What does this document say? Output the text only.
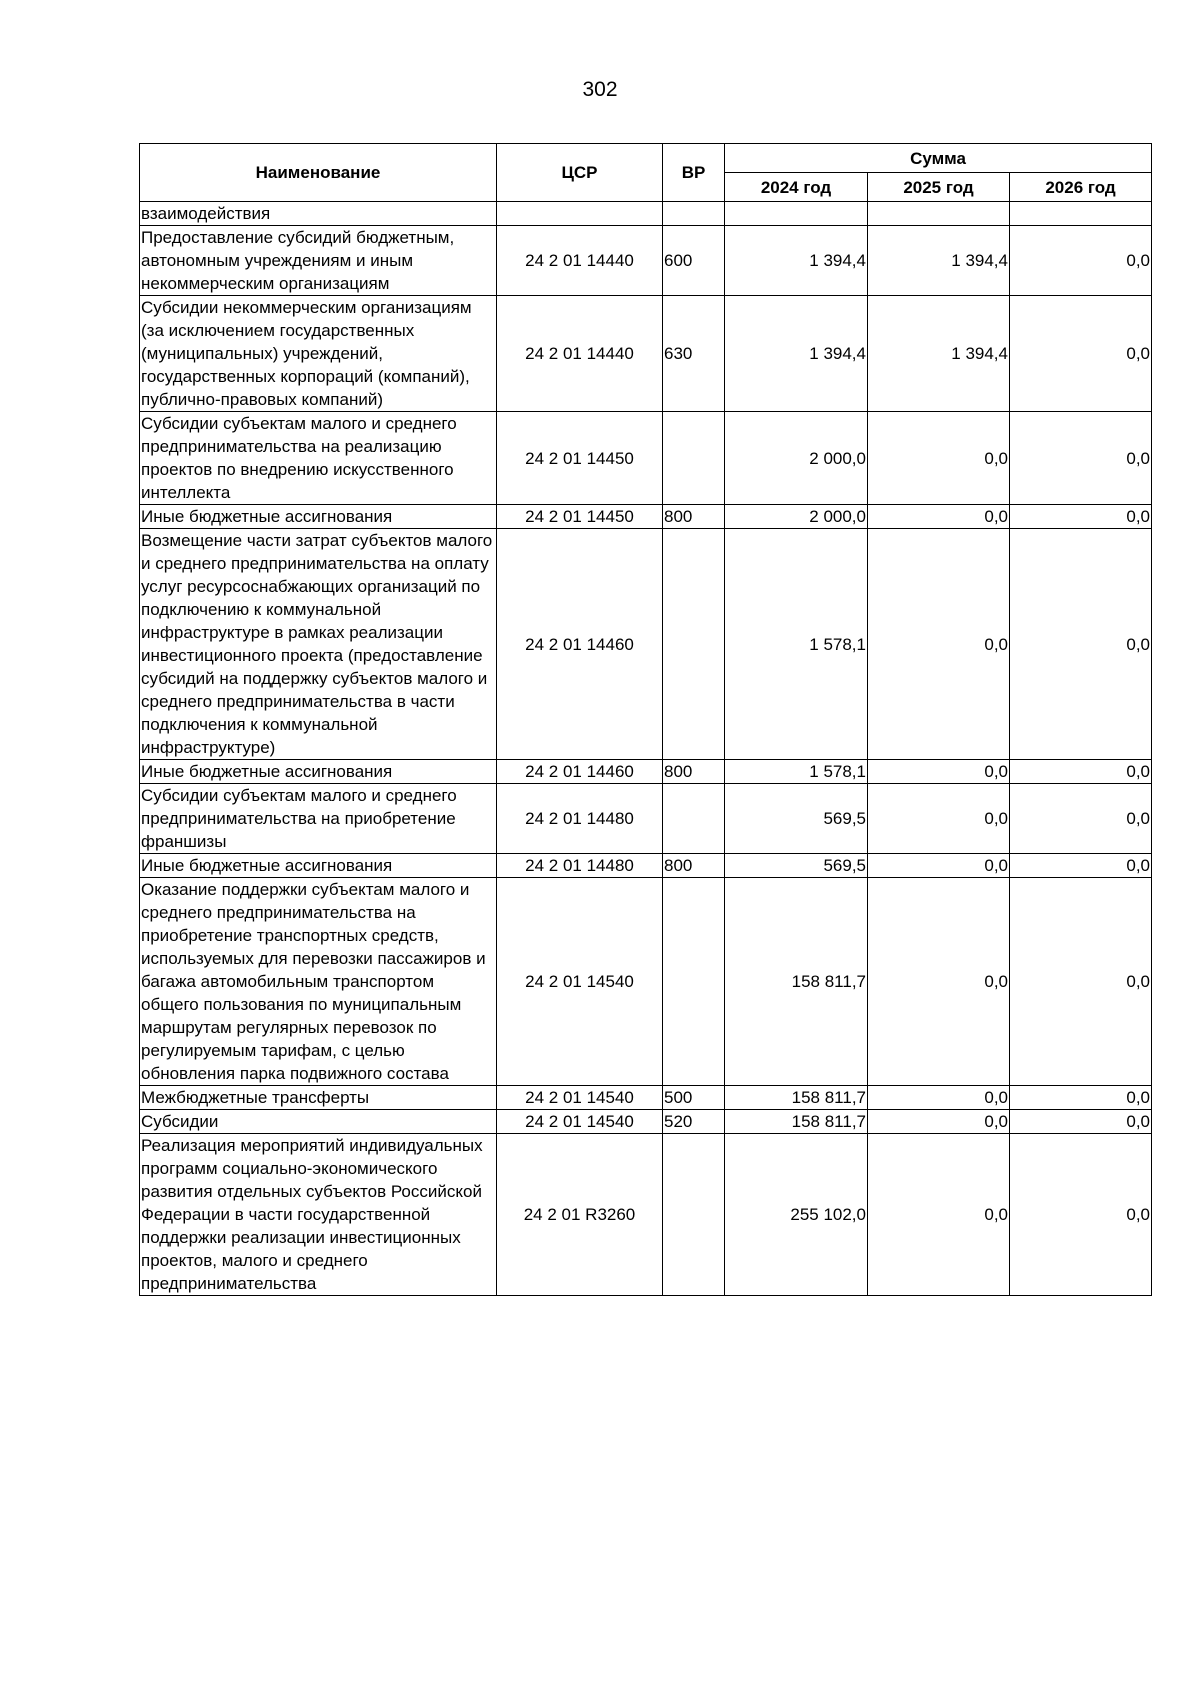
302
Наименование	ЦСР	ВР	Сумма		
			2024 год	2025 год	2026 год
взаимодействия					
Предоставление субсидий бюджетным, автономным учреждениям и иным некоммерческим организациям	24 2 01 14440	600	1 394,4	1 394,4	0,0
Субсидии некоммерческим организациям (за исключением государственных (муниципальных) учреждений, государственных корпораций (компаний), публично-правовых компаний)	24 2 01 14440	630	1 394,4	1 394,4	0,0
Субсидии субъектам малого и среднего предпринимательства на реализацию проектов по внедрению искусственного интеллекта	24 2 01 14450		2 000,0	0,0	0,0
Иные бюджетные ассигнования	24 2 01 14450	800	2 000,0	0,0	0,0
Возмещение части затрат субъектов малого и среднего предпринимательства на оплату услуг ресурсоснабжающих организаций по подключению к коммунальной инфраструктуре в рамках реализации инвестиционного проекта (предоставление субсидий на поддержку субъектов малого и среднего предпринимательства в части подключения к коммунальной инфраструктуре)	24 2 01 14460		1 578,1	0,0	0,0
Иные бюджетные ассигнования	24 2 01 14460	800	1 578,1	0,0	0,0
Субсидии субъектам малого и среднего предпринимательства на приобретение франшизы	24 2 01 14480		569,5	0,0	0,0
Иные бюджетные ассигнования	24 2 01 14480	800	569,5	0,0	0,0
Оказание поддержки субъектам малого и среднего предпринимательства на приобретение транспортных средств, используемых для перевозки пассажиров и багажа автомобильным транспортом общего пользования по муниципальным маршрутам регулярных перевозок по регулируемым тарифам, с целью обновления парка подвижного состава	24 2 01 14540		158 811,7	0,0	0,0
Межбюджетные трансферты	24 2 01 14540	500	158 811,7	0,0	0,0
Субсидии	24 2 01 14540	520	158 811,7	0,0	0,0
Реализация мероприятий индивидуальных программ социально-экономического развития отдельных субъектов Российской Федерации в части государственной поддержки реализации инвестиционных проектов, малого и среднего предпринимательства	24 2 01 R3260		255 102,0	0,0	0,0
